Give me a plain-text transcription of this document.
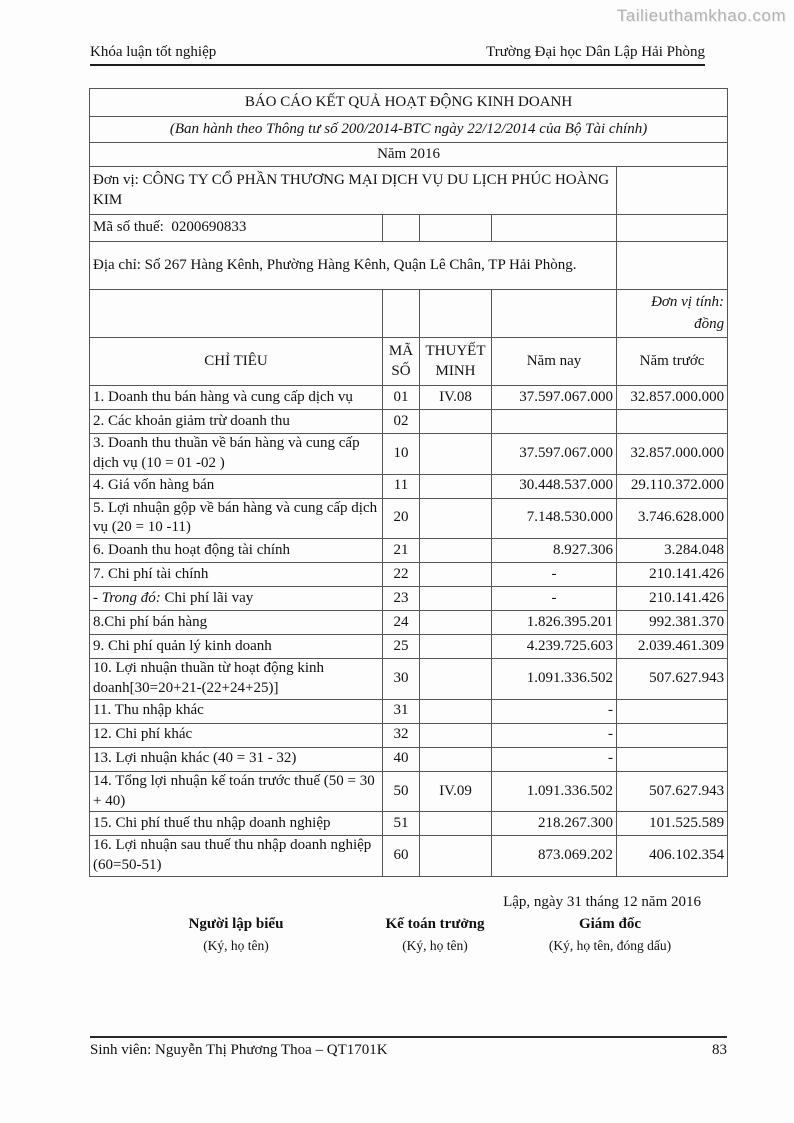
Tailieuthamkhao.com
Khóa luận tốt nghiệp	Trường Đại học Dân Lập Hải Phòng
BÁO CÁO KẾT QUẢ HOẠT ĐỘNG KINH DOANH				
(Ban hành theo Thông tư số 200/2014-BTC ngày 22/12/2014 của Bộ Tài chính)				
Năm 2016				
Đơn vị: CÔNG TY CỔ PHẦN THƯƠNG MẠI DỊCH VỤ DU LỊCH PHÚC HOÀNG KIM				
Mã số thuế:  0200690833				
Địa chỉ: Số 267 Hàng Kênh, Phường Hàng Kênh, Quận Lê Chân, TP Hải Phòng.				

				Đơn vị tính:
đồng

CHỈ TIÊU	MÃ SỐ	THUYẾT MINH	Năm nay	Năm trước
1. Doanh thu bán hàng và cung cấp dịch vụ	01	IV.08	37.597.067.000	32.857.000.000
2. Các khoản giảm trừ doanh thu	02			
3. Doanh thu thuần về bán hàng và cung cấp dịch vụ (10 = 01 -02 )	10		37.597.067.000	32.857.000.000
4. Giá vốn hàng bán	11		30.448.537.000	29.110.372.000
5. Lợi nhuận gộp về bán hàng và cung cấp dịch vụ (20 = 10 -11)	20		7.148.530.000	3.746.628.000
6. Doanh thu hoạt động tài chính	21		8.927.306	3.284.048
7. Chi phí tài chính	22		-	210.141.426
- Trong đó: Chi phí lãi vay	23		-	210.141.426
8.Chi phí bán hàng	24		1.826.395.201	992.381.370
9. Chi phí quản lý kinh doanh	25		4.239.725.603	2.039.461.309
10. Lợi nhuận thuần từ hoạt động kinh doanh[30=20+21-(22+24+25)]	30		1.091.336.502	507.627.943
11. Thu nhập khác	31		-	
12. Chi phí khác	32		-	
13. Lợi nhuận khác (40 = 31 - 32)	40		-	
14. Tổng lợi nhuận kế toán trước thuế (50 = 30 + 40)	50	IV.09	1.091.336.502	507.627.943
15. Chi phí thuế thu nhập doanh nghiệp	51		218.267.300	101.525.589
16. Lợi nhuận sau thuế thu nhập doanh nghiệp (60=50-51)	60		873.069.202	406.102.354
Lập, ngày 31 tháng 12 năm 2016
Người lập biểu	Kế toán trưởng	Giám đốc
(Ký, họ tên)	(Ký, họ tên)	(Ký, họ tên, đóng dấu)
Sinh viên: Nguyễn Thị Phương Thoa – QT1701K	83
